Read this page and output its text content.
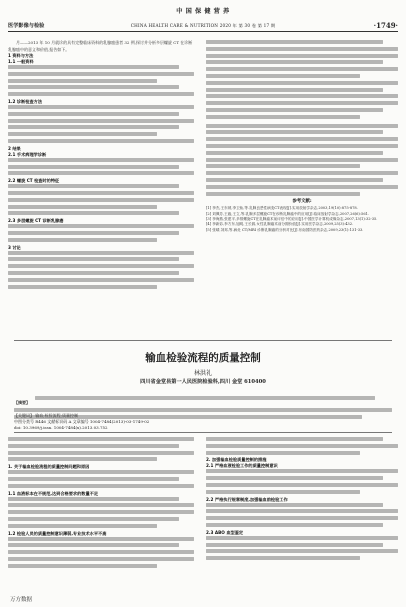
中 国 保 健 营 养
医学影像与检验	CHINA HEALTH CARE & NUTRITION 2020 年 第 30 卷 第 17 期	·1749·
月——2013 年 10 月就诊的具有完整临床资料的乳腺癌患者 32 例,探讨并分析多层螺旋 CT 在诊断乳腺癌中的意义和价值,报告如下。
1 资料与方法
1.1 一般资料
1.2 诊断检查方法
2 结果
2.1 手术病理学诊断
2.2 螺旋 CT 检查时的特征
2.3 多层螺旋 CT 诊断乳腺癌
3 讨论
参考文献:
[1] 李杰,王东坡,李卫仙,等.乳腺良恶性病变CT表现[J].实用放射学杂志,2003,19(10):875-878.
[2] 刘佩芳,王毅,王立,等.乳腺多层螺旋CT在诊断乳腺癌中的应用[J].临床放射学杂志,2007,26(6):561.
[3] 李海燕,张建平,多排螺旋CT在乳腺癌术前评估中的应用[J].中国医学计算机成像杂志,2007,13(1):32-35.
[4] 李新彩,李方东,旭明,王长源,女性乳腺癌术前分期价值[J].实用医学杂志,2009,25(3):432.
[5] 张晴,刘邦,等.病灶 CT/MRI 诊断乳腺癌的分析对比[J].东南国防医药杂志,2009,23(1):131-33.
输血检验流程的质量控制
林洪礼
四川省金堂县第一人民医院检验科,四川 金堂 610400
【摘要】
【关键词】 输血;检验流程;质量控制
中图分类号 R446 文献标识码 A 文章编号 1004-7484(2013)-03-1749-02
doi: 10.3969/j.issn. 1004-7484(x).2013.03.752
1. 关于输血检验流程的质量控制问题和原因
1.1 血液标本在不规范,达到合格要求的数量不足
1.2 检验人员的质量控制意识薄弱,专业技术水平不高
2. 加强输血检验质量控制的措施
2.1 严格血液检验工作的质量控制意识
2.2 严格执行规章制度,加强输血前检验工作
2.3 ABO 血型鉴定
万方数据
